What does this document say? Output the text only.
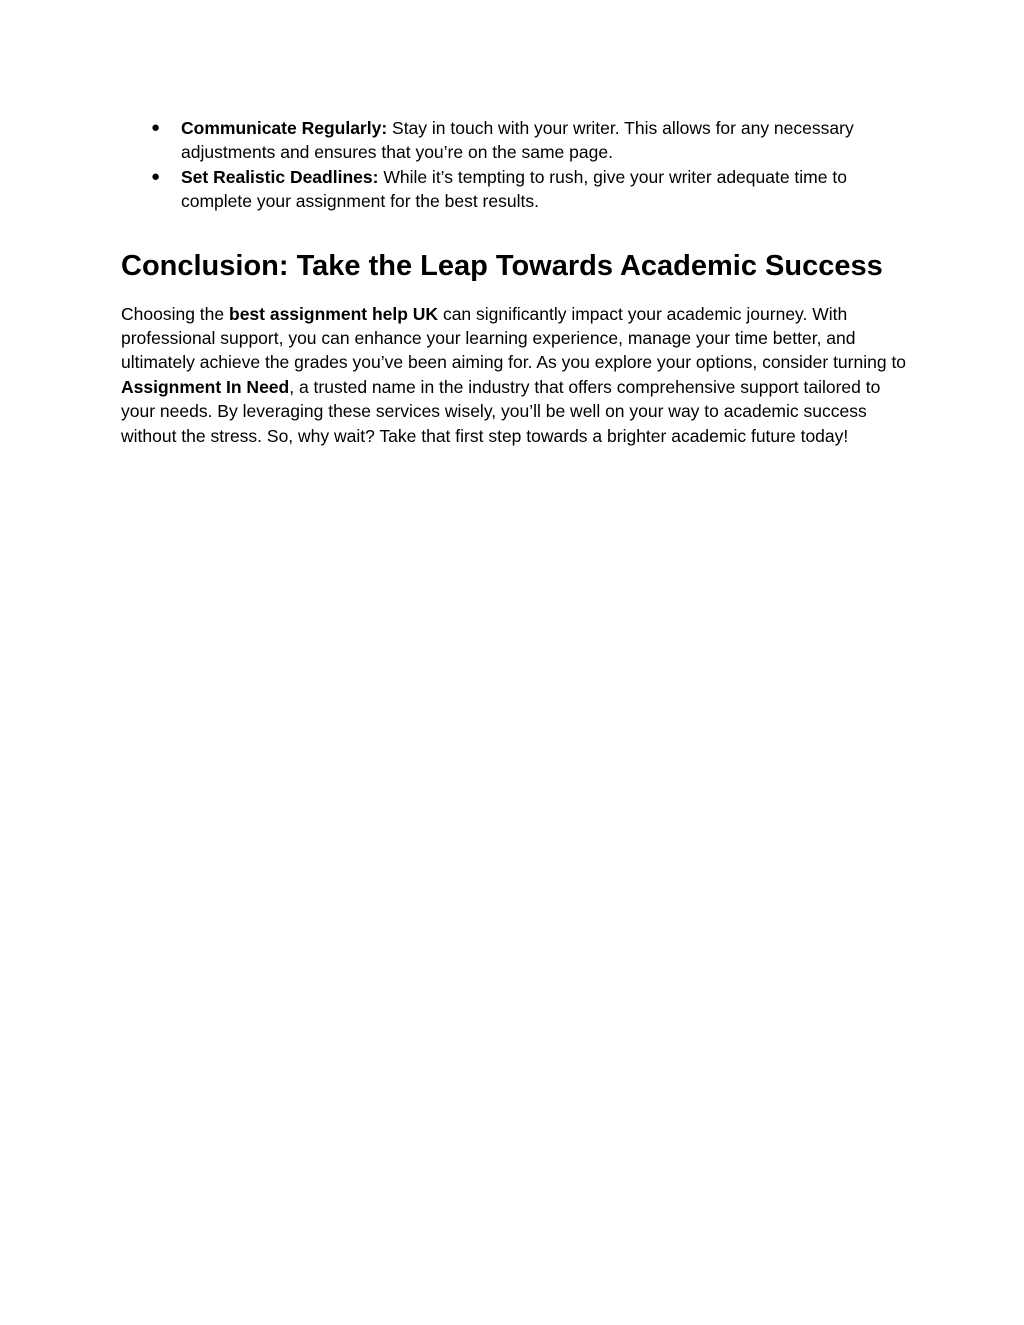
● Communicate Regularly: Stay in touch with your writer. This allows for any necessary adjustments and ensures that you’re on the same page.
● Set Realistic Deadlines: While it’s tempting to rush, give your writer adequate time to complete your assignment for the best results.
Conclusion: Take the Leap Towards Academic Success

Choosing the best assignment help UK can significantly impact your academic journey. With professional support, you can enhance your learning experience, manage your time better, and ultimately achieve the grades you’ve been aiming for. As you explore your options, consider turning to Assignment In Need, a trusted name in the industry that offers comprehensive support tailored to your needs. By leveraging these services wisely, you’ll be well on your way to academic success without the stress. So, why wait? Take that first step towards a brighter academic future today!
